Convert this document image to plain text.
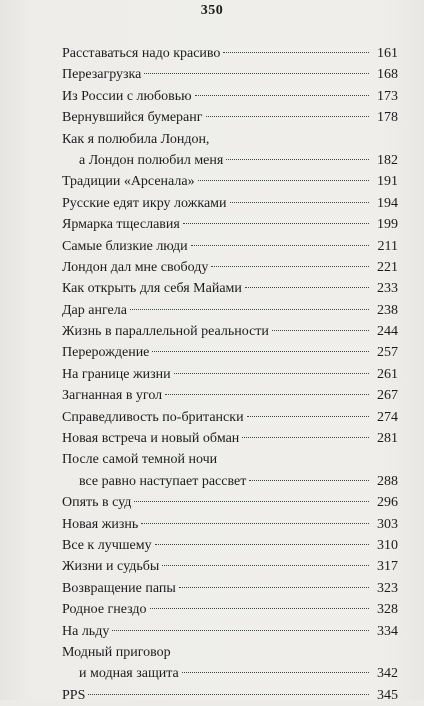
350
Расставаться надо красиво	161
Перезагрузка	168
Из России с любовью	173
Вернувшийся бумеранг	178
Как я полюбила Лондон,
а Лондон полюбил меня	182
Традиции «Арсенала»	191
Русские едят икру ложками	194
Ярмарка тщеславия	199
Самые близкие люди	211
Лондон дал мне свободу	221
Как открыть для себя Майами	233
Дар ангела	238
Жизнь в параллельной реальности	244
Перерождение	257
На границе жизни	261
Загнанная в угол	267
Справедливость по-британски	274
Новая встреча и новый обман	281
После самой темной ночи
все равно наступает рассвет	288
Опять в суд	296
Новая жизнь	303
Все к лучшему	310
Жизни и судьбы	317
Возвращение папы	323
Родное гнездо	328
На льду	334
Модный приговор
и модная защита	342
PPS	345
